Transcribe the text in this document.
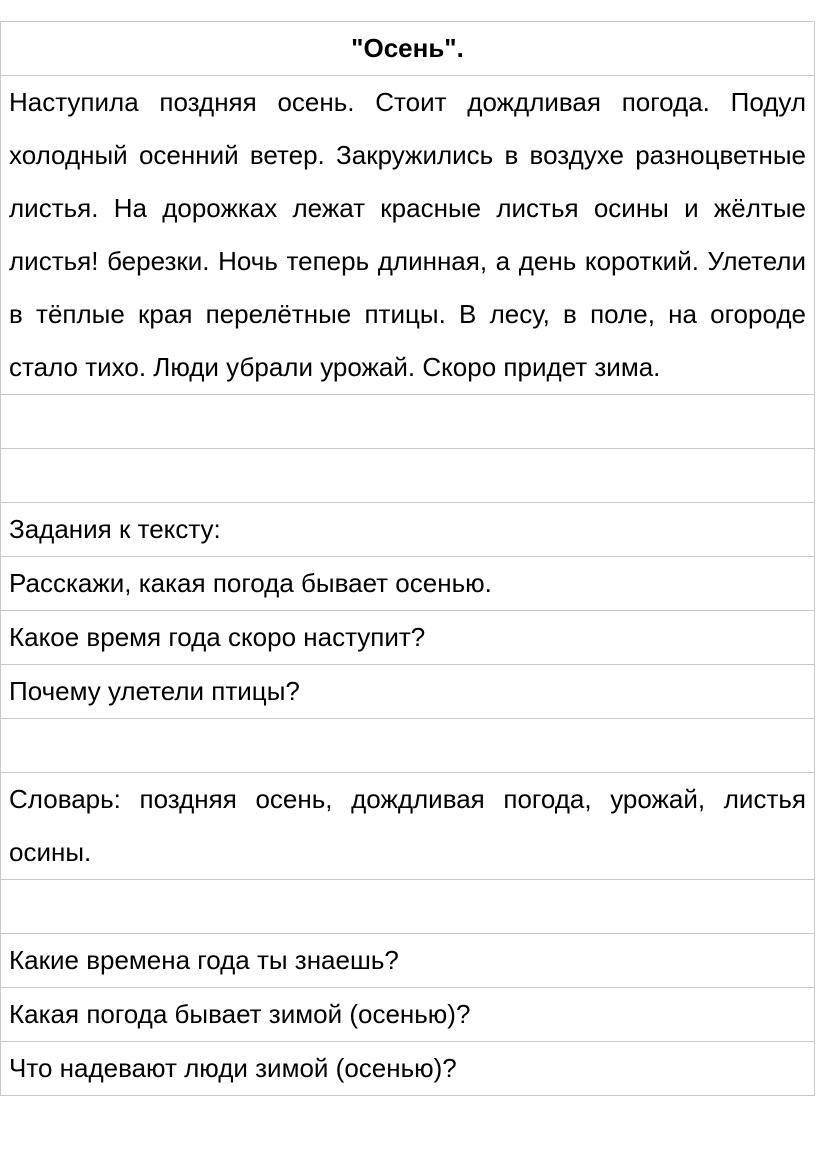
"Осень".
Наступила поздняя осень. Стоит дождливая погода. Подул холодный осенний ветер. Закружились в воздухе разноцветные листья. На дорожках лежат красные листья осины и жёлтые листья! березки. Ночь теперь длинная, а день короткий. Улетели в тёплые края перелётные птицы. В лесу, в поле, на огороде стало тихо. Люди убрали урожай. Скоро придет зима.

Задания к тексту:
Расскажи, какая погода бывает осенью.
Какое время года скоро наступит?
Почему улетели птицы?

Словарь: поздняя осень, дождливая погода, урожай, листья осины.

Какие времена года ты знаешь?
Какая погода бывает зимой (осенью)?
Что надевают люди зимой (осенью)?
